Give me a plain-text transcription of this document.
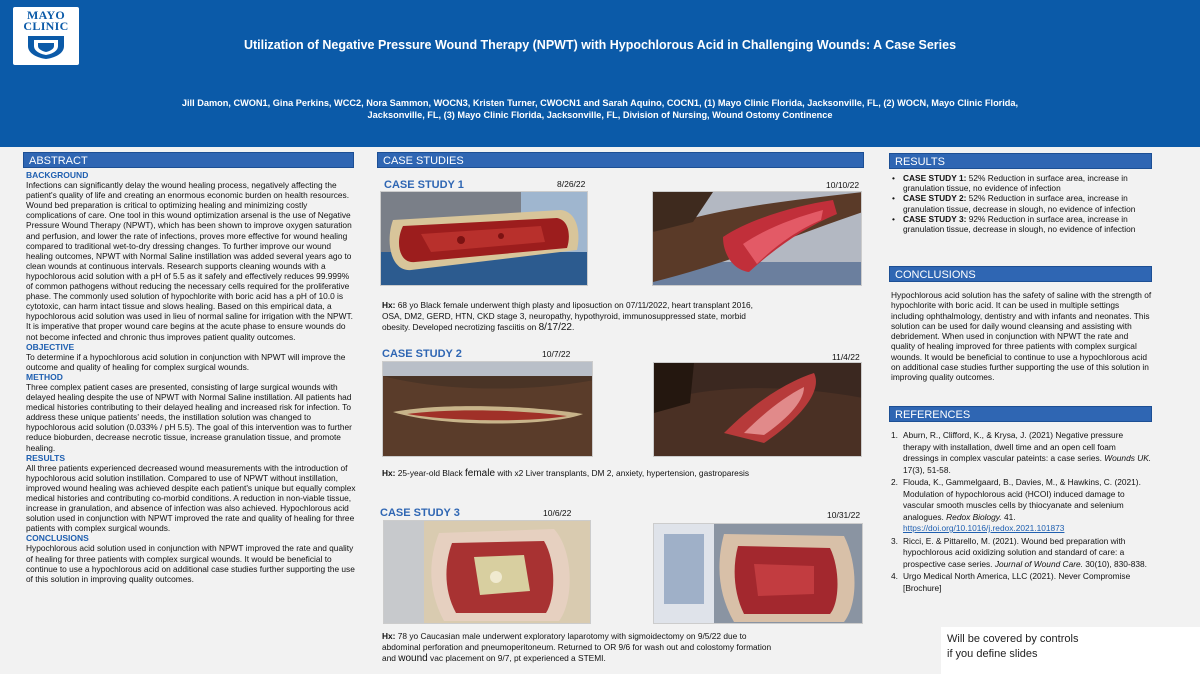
MAYO
CLINIC
Utilization of Negative Pressure Wound Therapy (NPWT) with Hypochlorous Acid in Challenging Wounds: A Case Series
Jill Damon, CWON1, Gina Perkins, WCC2, Nora Sammon, WOCN3, Kristen Turner, CWOCN1 and Sarah Aquino, COCN1, (1) Mayo Clinic Florida, Jacksonville, FL, (2) WOCN, Mayo Clinic Florida,
Jacksonville, FL, (3) Mayo Clinic Florida, Jacksonville, FL, Division of Nursing, Wound Ostomy Continence
ABSTRACT
BACKGROUND

Infections can significantly delay the wound healing process, negatively affecting the patient's quality of life and creating an enormous economic burden on health resources. Wound bed preparation is critical to optimizing healing and minimizing costly complications of care. One tool in this wound optimization arsenal is the use of Negative Pressure Wound Therapy (NPWT), which has been shown to improve oxygen saturation and perfusion, and lower the rate of infections, proves more effective for wound healing compared to traditional wet-to-dry dressing changes. To further improve our wound healing outcomes, NPWT with Normal Saline instillation was added several years ago to clean wounds at continuous intervals. Research supports cleaning wounds with a hypochlorous acid solution with a pH of 5.5 as it safely and effectively reduces 99.999% of common pathogens without reducing the necessary cells required for the proliferative phase. The commonly used solution of hypochlorite with boric acid has a pH of 10.0 is cytotoxic, can harm intact tissue and slows healing. Based on this empirical data, a hypochlorous acid solution was used in lieu of normal saline for irrigation with the NPWT. It is imperative that proper wound care begins at the acute phase to ensure wounds do not become infected and chronic thus improves patient quality outcomes.

OBJECTIVE

To determine if a hypochlorous acid solution in conjunction with NPWT will improve the outcome and quality of healing for complex surgical wounds.

METHOD

Three complex patient cases are presented, consisting of large surgical wounds with delayed healing despite the use of NPWT with Normal Saline instillation. All patients had medical histories contributing to their delayed healing and increased risk for infection. To address these unique patients' needs, the instillation solution was changed to hypochlorous acid solution (0.033% / pH 5.5). The goal of this intervention was to further reduce bioburden, decrease necrotic tissue, increase granulation tissue, and promote healing.

RESULTS

All three patients experienced decreased wound measurements with the introduction of hypochlorous acid solution instillation. Compared to use of NPWT without instillation, improved wound healing was achieved despite each patient's unique but equally complex medical histories and contributing co-morbid conditions. A reduction in non-viable tissue, increase in granulation, and absence of infection was also achieved. Hypochlorous acid solution used in conjunction with NPWT improved the rate and quality of healing for three patients with complex surgical wounds.

CONCLUSIONS

Hypochlorous acid solution used in conjunction with NPWT improved the rate and quality of healing for three patients with complex surgical wounds. It would be beneficial to continue to use a hypochlorous acid on additional case studies further supporting the use of this solution in improving quality outcomes.

CASE STUDIES
CASE STUDY 1	8/26/22	10/10/22
Hx: 68 yo Black female underwent thigh plasty and liposuction on 07/11/2022, heart transplant 2016, OSA, DM2, GERD, HTN, CKD stage 3, neuropathy, hypothyroid, immunosuppressed state, morbid obesity. Developed necrotizing fasciitis on 8/17/22.
CASE STUDY 2	10/7/22	11/4/22
Hx: 25-year-old Black female with x2 Liver transplants, DM 2, anxiety, hypertension, gastroparesis
CASE STUDY 3	10/6/22	10/31/22
Hx: 78 yo Caucasian male underwent exploratory laparotomy with sigmoidectomy on 9/5/22 due to abdominal perforation and pneumoperitoneum. Returned to OR 9/6 for wash out and colostomy formation and wound vac placement on 9/7, pt experienced a STEMI.
RESULTS
• CASE STUDY 1: 52% Reduction in surface area, increase in granulation tissue, no evidence of infection
• CASE STUDY 2: 52% Reduction in surface area, increase in granulation tissue, decrease in slough, no evidence of infection
• CASE STUDY 3: 92% Reduction in surface area, increase in granulation tissue, decrease in slough, no evidence of infection
CONCLUSIONS
Hypochlorous acid solution has the safety of saline with the strength of hypochlorite with boric acid. It can be used in multiple settings including ophthalmology, dentistry and with infants and neonates. This solution can be used for daily wound cleansing and assisting with debridement. When used in conjunction with NPWT the rate and quality of healing improved for three patients with complex surgical wounds. It would be beneficial to continue to use a hypochlorous acid on additional case studies further supporting the use of this solution in improving quality outcomes.
REFERENCES
1. Aburn, R., Clifford, K., & Krysa, J. (2021) Negative pressure therapy with installation, dwell time and an open cell foam dressings in complex vascular pateints: a case series. Wounds UK. 17(3), 51-58.
2. Flouda, K., Gammelgaard, B., Davies, M., & Hawkins, C. (2021). Modulation of hypochlorous acid (HCOI) induced damage to vascular smooth muscles cells by thiocyanate and selenium analogues. Redox Biology. 41. https://doi.org/10.1016/j.redox.2021.101873
3. Ricci, E. & Pittarello, M. (2021). Wound bed preparation with hypochlorous acid oxidizing solution and standard of care: a prospective case series. Journal of Wound Care. 30(10), 830-838.
4. Urgo Medical North America, LLC (2021). Never Compromise [Brochure]
Will be covered by controls
if you define slides
